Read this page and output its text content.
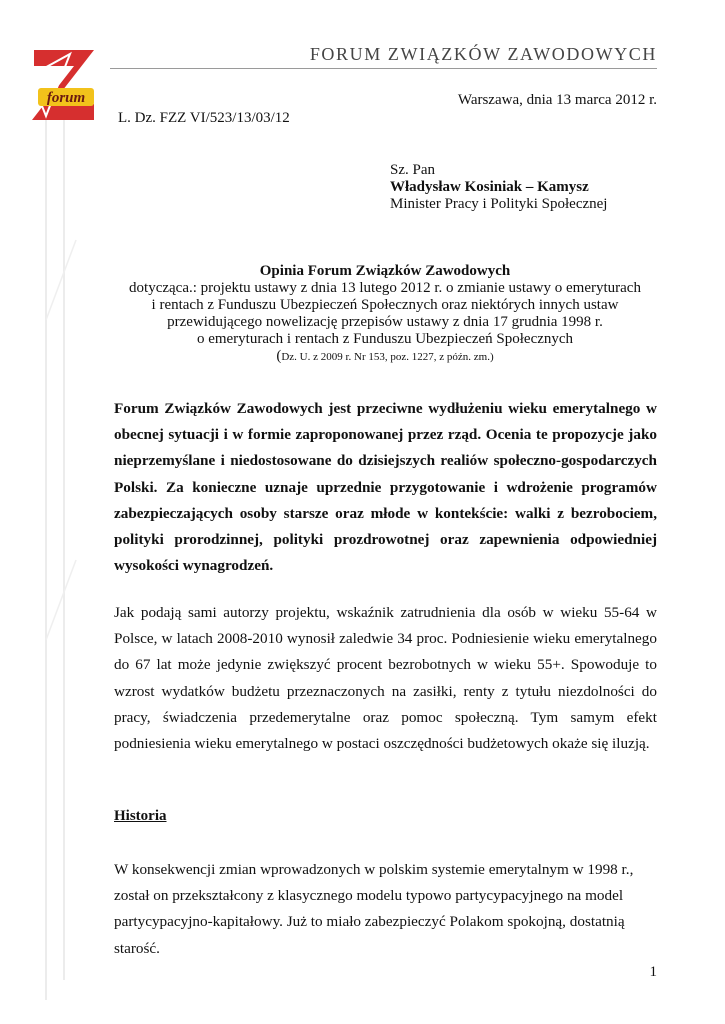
forum
FORUM ZWIĄZKÓW ZAWODOWYCH
Warszawa, dnia 13 marca 2012 r.
L. Dz. FZZ VI/523/13/03/12
Sz. Pan
Władysław Kosiniak – Kamysz
Minister Pracy i Polityki Społecznej
Opinia Forum Związków Zawodowych
dotycząca.: projektu ustawy z dnia 13 lutego 2012 r. o zmianie ustawy o emeryturach
i rentach z Funduszu Ubezpieczeń Społecznych oraz niektórych innych ustaw
przewidującego nowelizację przepisów ustawy z dnia 17 grudnia 1998 r.
o emeryturach i rentach z Funduszu Ubezpieczeń Społecznych
(Dz. U. z 2009 r. Nr 153, poz. 1227, z późn. zm.)

Forum Związków Zawodowych jest przeciwne wydłużeniu wieku emerytalnego w obecnej sytuacji i w formie zaproponowanej przez rząd. Ocenia te propozycje jako nieprzemyślane i niedostosowane do dzisiejszych realiów społeczno-gospodarczych Polski. Za konieczne uznaje uprzednie przygotowanie i wdrożenie programów zabezpieczających osoby starsze oraz młode w kontekście: walki z bezrobociem, polityki prorodzinnej, polityki prozdrowotnej oraz zapewnienia odpowiedniej wysokości wynagrodzeń.

Jak podają sami autorzy projektu, wskaźnik zatrudnienia dla osób w wieku 55-64 w Polsce, w latach 2008-2010 wynosił zaledwie 34 proc. Podniesienie wieku emerytalnego do 67 lat może jedynie zwiększyć procent bezrobotnych w wieku 55+. Spowoduje to wzrost wydatków budżetu przeznaczonych na zasiłki, renty z tytułu niezdolności do pracy, świadczenia przedemerytalne oraz pomoc społeczną. Tym samym efekt podniesienia wieku emerytalnego w postaci oszczędności budżetowych okaże się iluzją.

Historia

W konsekwencji zmian wprowadzonych w polskim systemie emerytalnym w 1998 r., został on przekształcony z klasycznego modelu typowo partycypacyjnego na model partycypacyjno-kapitałowy. Już to miało zabezpieczyć Polakom spokojną, dostatnią starość.

1
